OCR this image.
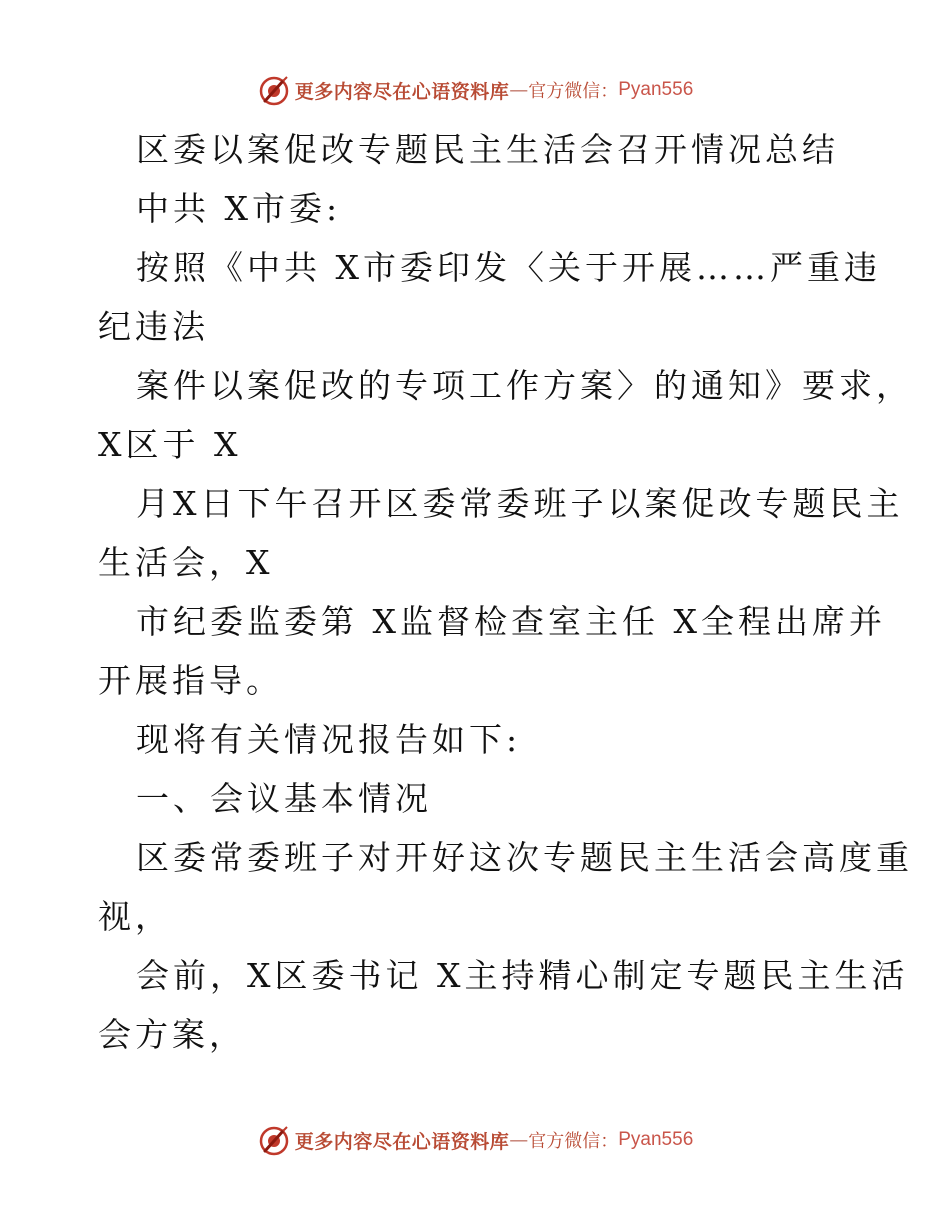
更多内容尽在心语资料库 — 官方微信： Pyan556
区委以案促改专题民主生活会召开情况总结
中共 X市委:
按照《中共 X市委印发〈关于开展……严重违
纪违法
案件以案促改的专项工作方案〉的通知》要求，
X区于 X
月X日下午召开区委常委班子以案促改专题民主
生活会，X
市纪委监委第 X监督检查室主任 X全程出席并
开展指导。
现将有关情况报告如下:
一、会议基本情况
区委常委班子对开好这次专题民主生活会高度重
视，
会前，X区委书记 X主持精心制定专题民主生活
会方案，
更多内容尽在心语资料库 — 官方微信： Pyan556
